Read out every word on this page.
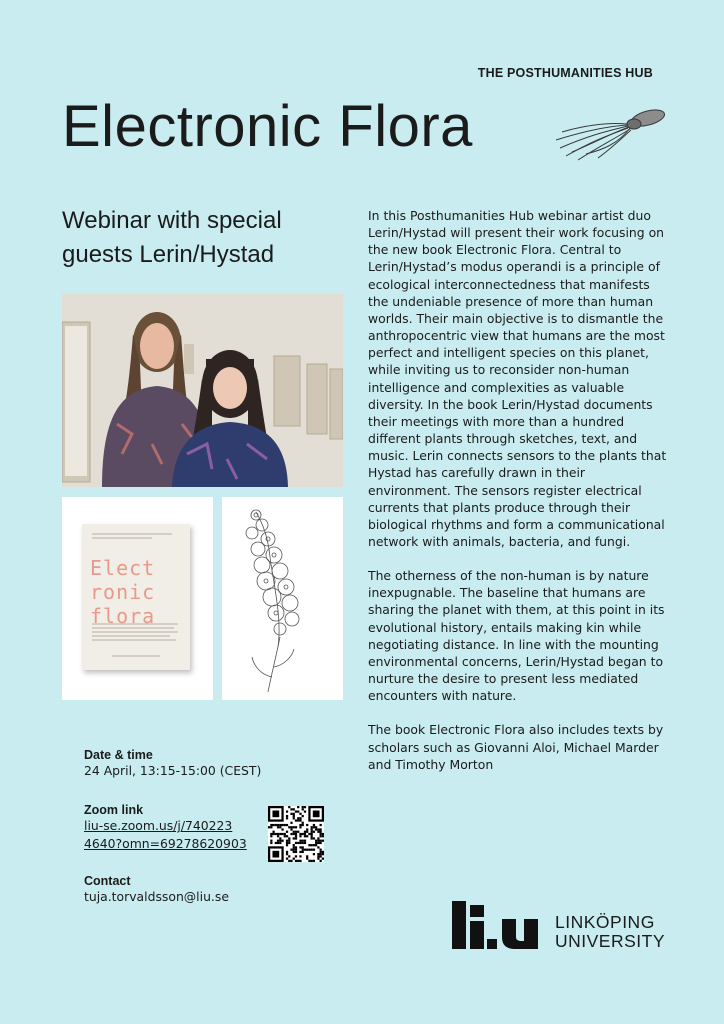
THE POSTHUMANITIES HUB
Electronic Flora
Webinar with special guests Lerin/Hystad

In this Posthumanities Hub webinar artist duo Lerin/Hystad will present their work focusing on the new book Electronic Flora. Central to Lerin/Hystad’s modus operandi is a principle of ecological interconnectedness that manifests the undeniable presence of more than human worlds. Their main objective is to dismantle the anthropocentric view that humans are the most perfect and intelligent species on this planet, while inviting us to reconsider non-human intelligence and complexities as valuable diversity. In the book Lerin/Hystad documents their meetings with more than a hundred different plants through sketches, text, and music. Lerin connects sensors to the plants that Hystad has carefully drawn in their environment. The sensors register electrical currents that plants produce through their biological rhythms and form a communicational network with animals, bacteria, and fungi.

The otherness of the non-human is by nature inexpugnable. The baseline that humans are sharing the planet with them, at this point in its evolutional history, entails making kin while negotiating distance. In line with the mounting environmental concerns, Lerin/Hystad began to nurture the desire to present less mediated encounters with nature.

The book Electronic Flora also includes texts by scholars such as Giovanni Aloi, Michael Marder and Timothy Morton

Elect ronic flora
Date & time
24 April, 13:15-15:00 (CEST)
Zoom link
liu-se.zoom.us/j/740223 4640?omn=69278620903
Contact
tuja.torvaldsson@liu.se
LINKÖPING
UNIVERSITY
